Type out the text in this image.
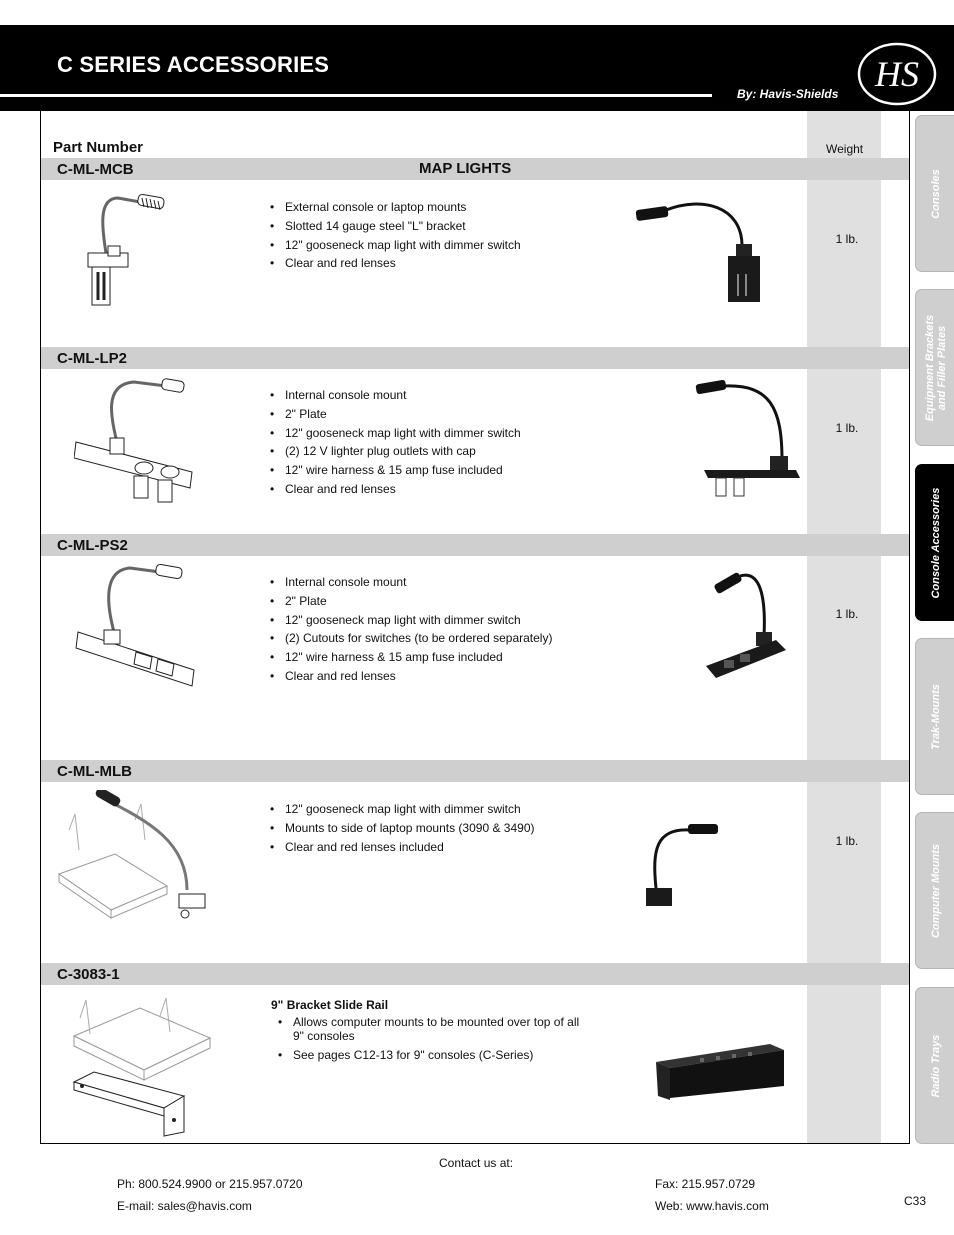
C SERIES ACCESSORIES
By: Havis-Shields HS
Part Number	Weight
C-ML-MCB	MAP LIGHTS
• External console or laptop mounts
• Slotted 14 gauge steel "L" bracket
• 12" gooseneck map light with dimmer switch
• Clear and red lenses
1 lb.
C-ML-LP2
• Internal console mount
• 2" Plate
• 12" gooseneck map light with dimmer switch
• (2) 12 V lighter plug outlets with cap
• 12" wire harness & 15 amp fuse included
• Clear and red lenses
1 lb.
C-ML-PS2
• Internal console mount
• 2" Plate
• 12" gooseneck map light with dimmer switch
• (2) Cutouts for switches (to be ordered separately)
• 12" wire harness & 15 amp fuse included
• Clear and red lenses
1 lb.
C-ML-MLB
• 12" gooseneck map light with dimmer switch
• Mounts to side of laptop mounts (3090 & 3490)
• Clear and red lenses included	1 lb.
C-3083-1
9" Bracket Slide Rail
• Allows computer mounts to be mounted over top of all 9" consoles
• See pages C12-13 for 9" consoles (C-Series)
Consoles
Equipment Brackets and Filler Plates
Console Accessories
Trak-Mounts
Computer Mounts
Radio Trays
Contact us at:
Ph: 800.524.9900 or 215.957.0720
E-mail: sales@havis.com
Fax: 215.957.0729
Web: www.havis.com	C33
